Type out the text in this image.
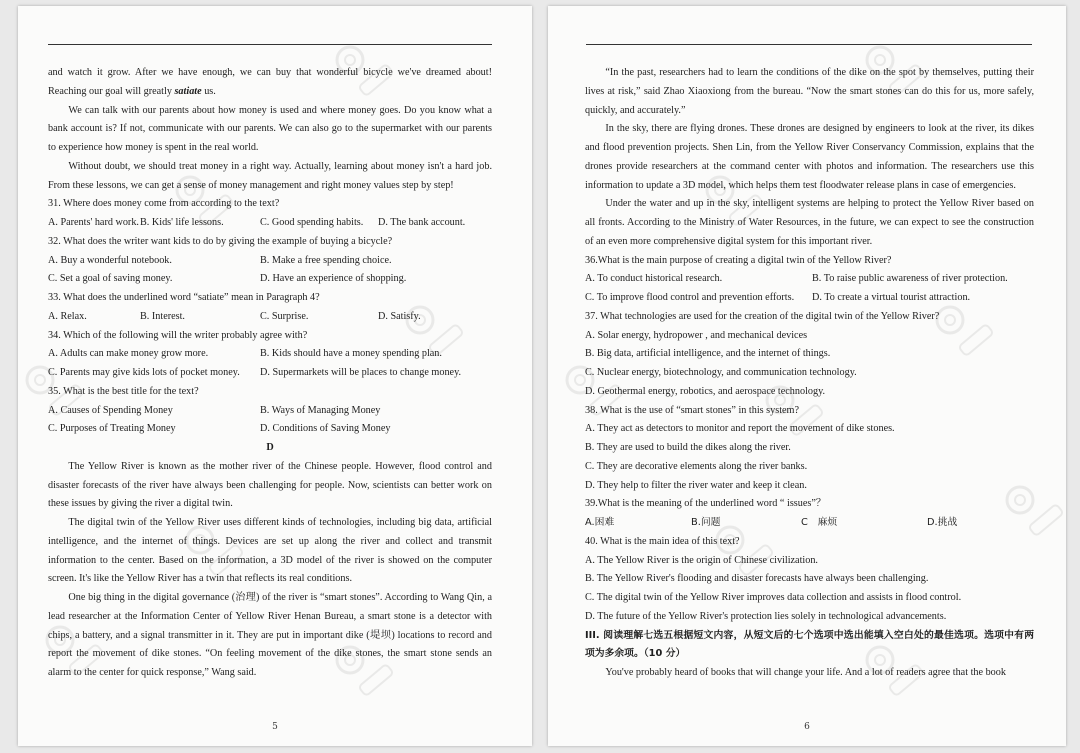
and watch it grow. After we have enough, we can buy that wonderful bicycle we've dreamed about! Reaching our goal will greatly satiate us.

We can talk with our parents about how money is used and where money goes. Do you know what a bank account is? If not, communicate with our parents. We can also go to the supermarket with our parents to experience how money is spent in the real world.

Without doubt, we should treat money in a right way. Actually, learning about money isn't a hard job. From these lessons, we can get a sense of money management and right money values step by step!

31. Where does money come from according to the text?
A. Parents' hard work. B. Kids' life lessons.	C. Good spending habits.	D. The bank account.
32. What does the writer want kids to do by giving the example of buying a bicycle?
A. Buy a wonderful notebook.	B. Make a free spending choice.
C. Set a goal of saving money.	D. Have an experience of shopping.
33. What does the underlined word “satiate” mean in Paragraph 4?
A. Relax.	B. Interest.	C. Surprise.	D. Satisfy.
34. Which of the following will the writer probably agree with?
A. Adults can make money grow more.	B. Kids should have a money spending plan.
C. Parents may give kids lots of pocket money.	D. Supermarkets will be places to change money.
35. What is the best title for the text?
A. Causes of Spending Money	B. Ways of Managing Money
C. Purposes of Treating Money	D. Conditions of Saving Money
D

The Yellow River is known as the mother river of the Chinese people. However, flood control and disaster forecasts of the river have always been challenging for people. Now, scientists can better work on these issues by giving the river a digital twin.

The digital twin of the Yellow River uses different kinds of technologies, including big data, artificial intelligence, and the internet of things. Devices are set up along the river and collect and transmit information to the center. Based on the information, a 3D model of the river is showed on the computer screen. It's like the Yellow River has a twin that reflects its real conditions.

One big thing in the digital governance (治理) of the river is “smart stones”. According to Wang Qin, a lead researcher at the Information Center of Yellow River Henan Bureau, a smart stone is a detector with chips, a battery, and a signal transmitter in it. They are put in important dike (堤坝) locations to record and report the movement of dike stones. “On feeling movement of the dike stones, the smart stone sends an alarm to the center for quick response,” Wang said.

5

“In the past, researchers had to learn the conditions of the dike on the spot by themselves, putting their lives at risk,” said Zhao Xiaoxiong from the bureau. “Now the smart stones can do this for us, more safely, quickly, and accurately.”

In the sky, there are flying drones. These drones are designed by engineers to look at the river, its dikes and flood prevention projects. Shen Lin, from the Yellow River Conservancy Commission, explains that the drones provide researchers at the command center with photos and information. The researchers use this information to update a 3D model, which helps them test floodwater release plans in case of emergencies.

Under the water and up in the sky, intelligent systems are helping to protect the Yellow River based on all fronts. According to the Ministry of Water Resources, in the future, we can expect to see the construction of an even more comprehensive digital system for this important river.

36.What is the main purpose of creating a digital twin of the Yellow River?
A. To conduct historical research.	B. To raise public awareness of river protection.
C. To improve flood control and prevention efforts.	D. To create a virtual tourist attraction.
37. What technologies are used for the creation of the digital twin of the Yellow River?
A. Solar energy, hydropower , and mechanical devices
B. Big data, artificial intelligence, and the internet of things.
C. Nuclear energy, biotechnology, and communication technology.
D. Geothermal energy, robotics, and aerospace technology.
38. What is the use of “smart stones” in this system?
A. They act as detectors to monitor and report the movement of dike stones.
B. They are used to build the dikes along the river.
C. They are decorative elements along the river banks.
D. They help to filter the river water and keep it clean.
39.What is the meaning of the underlined word “ issues”？
A.困难	B.问题	C　麻烦	D.挑战
40. What is the main idea of this text?
A. The Yellow River is the origin of Chinese civilization.
B. The Yellow River's flooding and disaster forecasts have always been challenging.
C. The digital twin of the Yellow River improves data collection and assists in flood control.
D. The future of the Yellow River's protection lies solely in technological advancements.

III. 阅读理解七选五根据短文内容，从短文后的七个选项中选出能填入空白处的最佳选项。选项中有两项为多余项。（10 分）

You've probably heard of books that will change your life. And a lot of readers agree that the book

6
